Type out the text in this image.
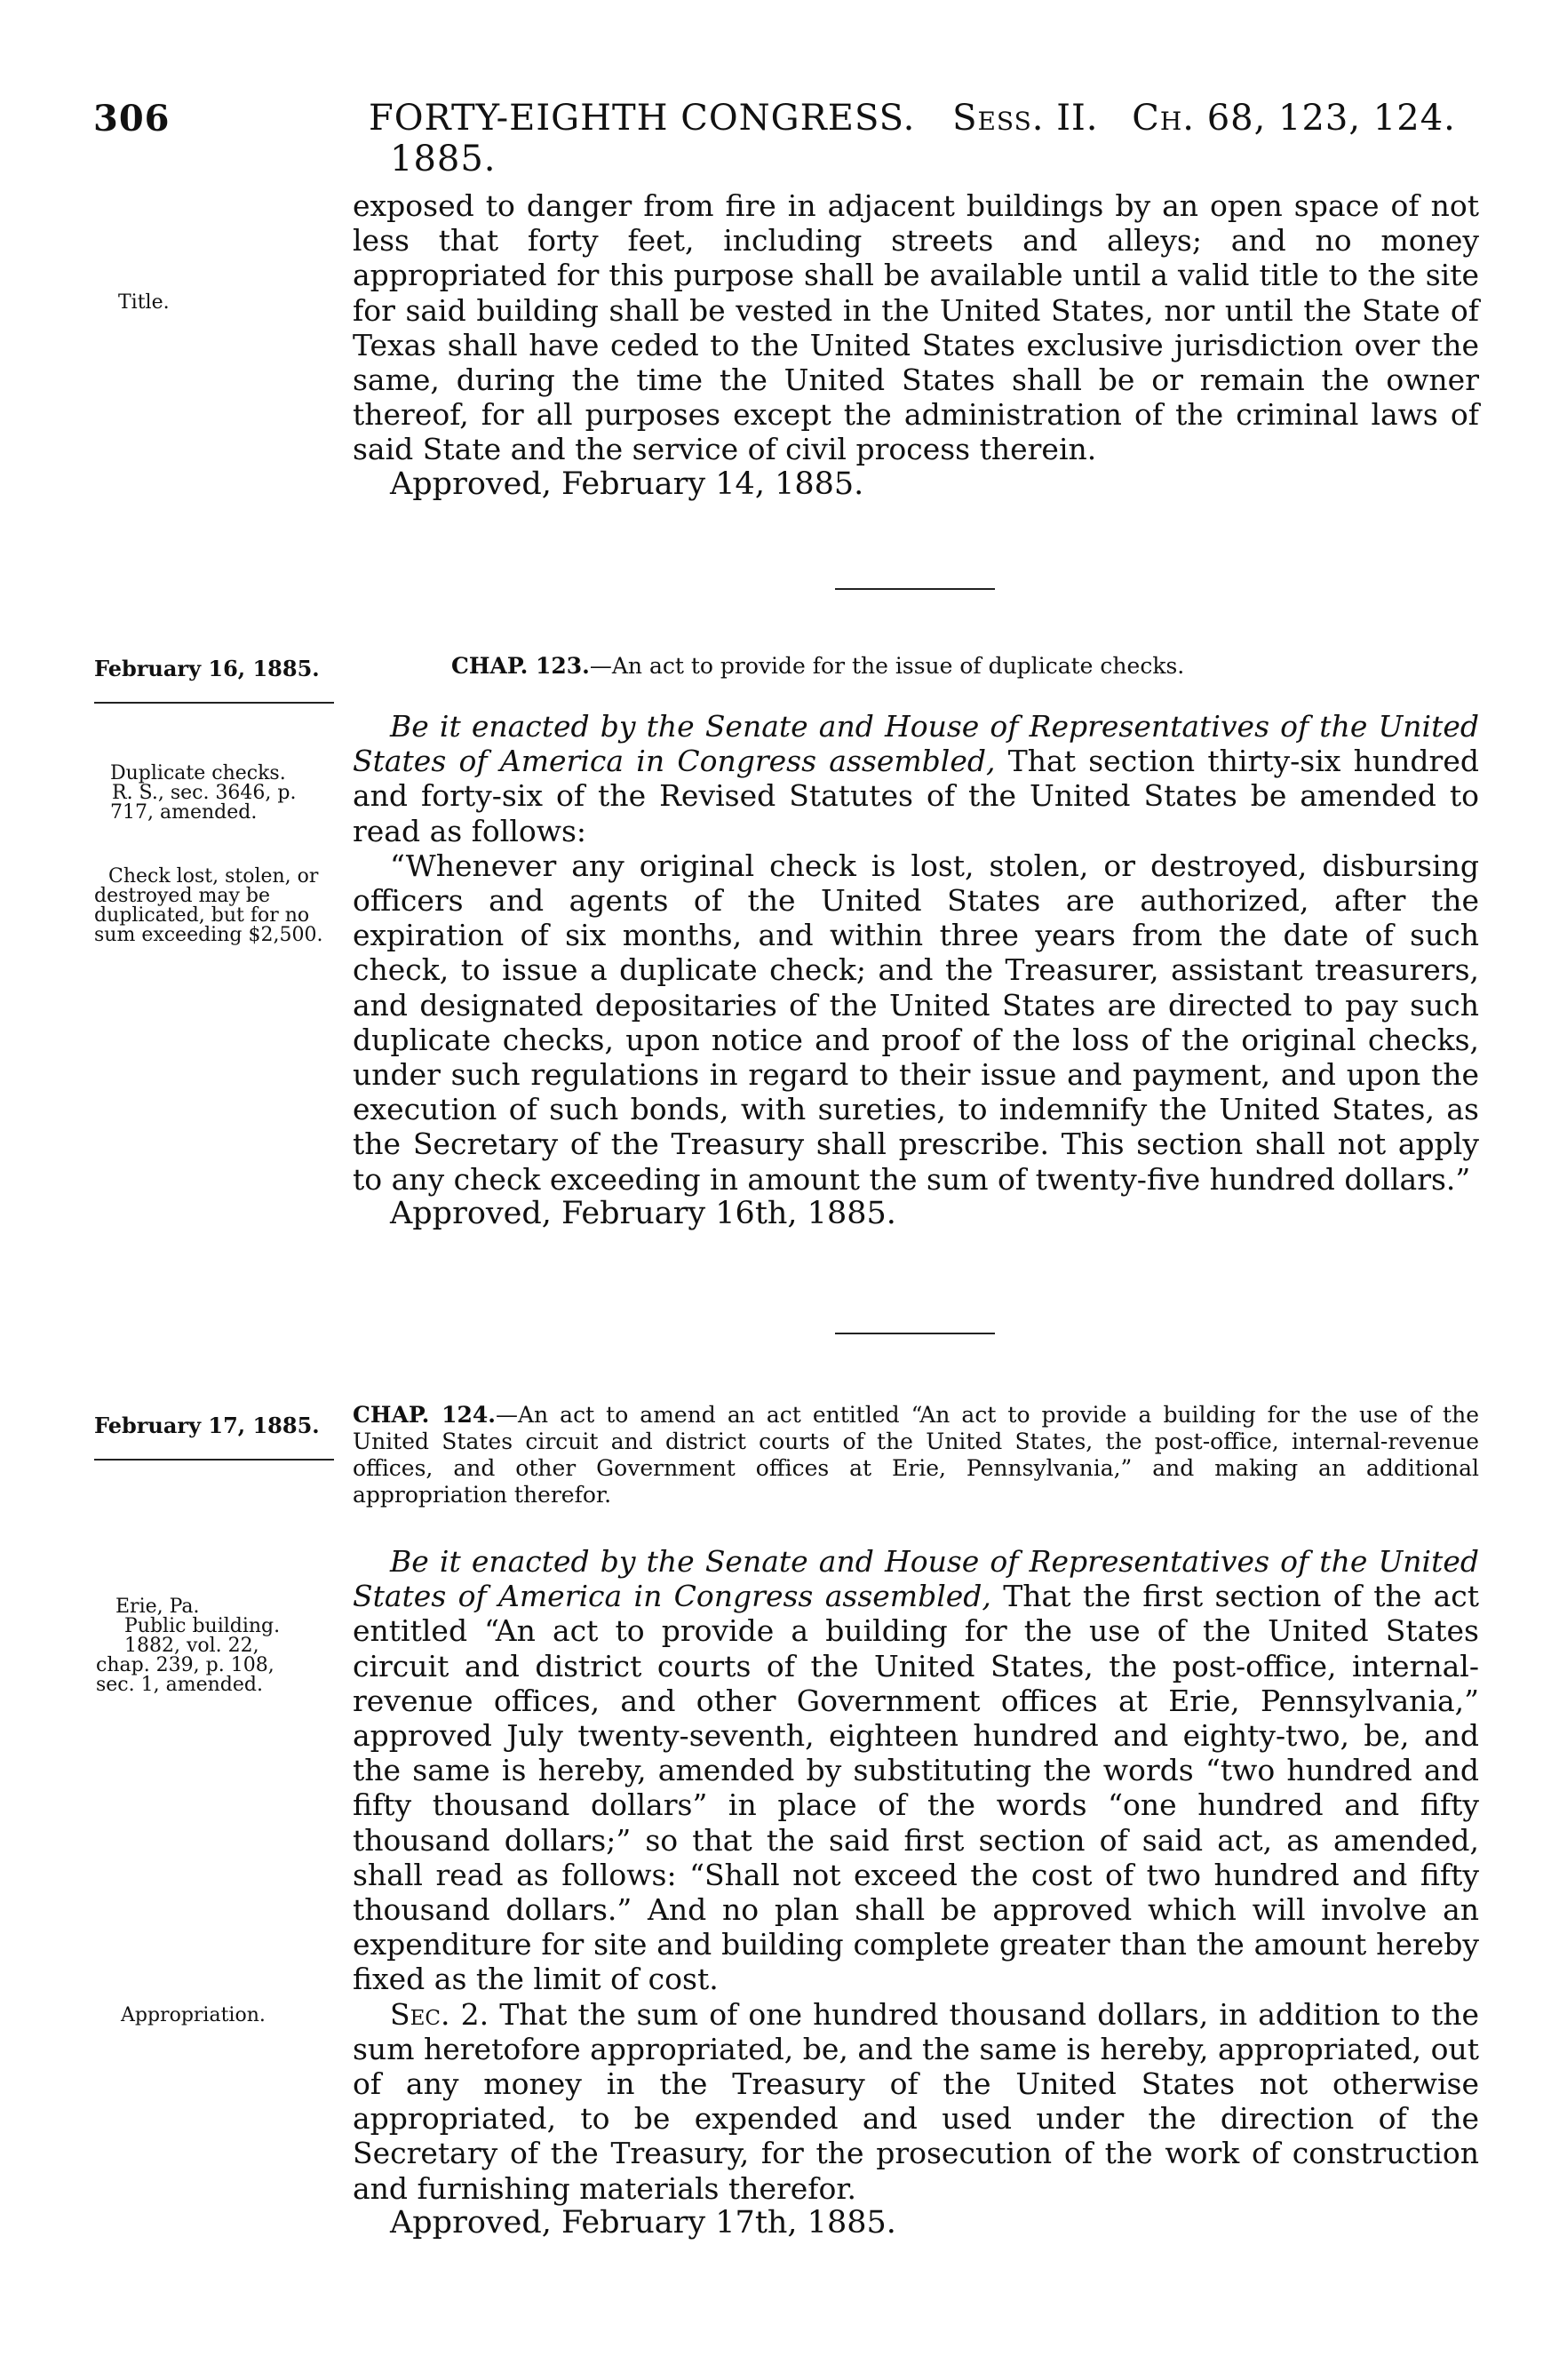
306	FORTY-EIGHTH CONGRESS. Sess. II. Ch. 68, 123, 124. 1885.
Title.

exposed to danger from fire in adjacent buildings by an open space of not less that forty feet, including streets and alleys; and no money appropriated for this purpose shall be available until a valid title to the site for said building shall be vested in the United States, nor until the State of Texas shall have ceded to the United States exclusive jurisdiction over the same, during the time the United States shall be or remain the owner thereof, for all purposes except the administration of the criminal laws of said State and the service of civil process therein.

Approved, February 14, 1885.

February 16, 1885.	CHAP. 123.—An act to provide for the issue of duplicate checks.
Duplicate checks.
R. S., sec. 3646, p.
717, amended.
Check lost, stolen, or destroyed may be duplicated, but for no sum exceeding $2,500.

Be it enacted by the Senate and House of Representatives of the United States of America in Congress assembled, That section thirty-six hundred and forty-six of the Revised Statutes of the United States be amended to read as follows:

“Whenever any original check is lost, stolen, or destroyed, disbursing officers and agents of the United States are authorized, after the expiration of six months, and within three years from the date of such check, to issue a duplicate check; and the Treasurer, assistant treasurers, and designated depositaries of the United States are directed to pay such duplicate checks, upon notice and proof of the loss of the original checks, under such regulations in regard to their issue and payment, and upon the execution of such bonds, with sureties, to indemnify the United States, as the Secretary of the Treasury shall prescribe. This section shall not apply to any check exceeding in amount the sum of twenty-five hundred dollars.”

Approved, February 16th, 1885.

February 17, 1885. CHAP. 124.—An act to amend an act entitled “An act to provide a building for the use of the United States circuit and district courts of the United States, the post-office, internal-revenue offices, and other Government offices at Erie, Pennsylvania,” and making an additional appropriation therefor.
Erie, Pa.
Public building.
1882, vol. 22,
chap. 239, p. 108,
sec. 1, amended.
Appropriation.

Be it enacted by the Senate and House of Representatives of the United States of America in Congress assembled, That the first section of the act entitled “An act to provide a building for the use of the United States circuit and district courts of the United States, the post-office, internal-revenue offices, and other Government offices at Erie, Pennsylvania,” approved July twenty-seventh, eighteen hundred and eighty-two, be, and the same is hereby, amended by substituting the words “two hundred and fifty thousand dollars” in place of the words “one hundred and fifty thousand dollars;” so that the said first section of said act, as amended, shall read as follows: “Shall not exceed the cost of two hundred and fifty thousand dollars.” And no plan shall be approved which will involve an expenditure for site and building complete greater than the amount hereby fixed as the limit of cost.

Sec. 2. That the sum of one hundred thousand dollars, in addition to the sum heretofore appropriated, be, and the same is hereby, appropriated, out of any money in the Treasury of the United States not otherwise appropriated, to be expended and used under the direction of the Secretary of the Treasury, for the prosecution of the work of construction and furnishing materials therefor.

Approved, February 17th, 1885.
